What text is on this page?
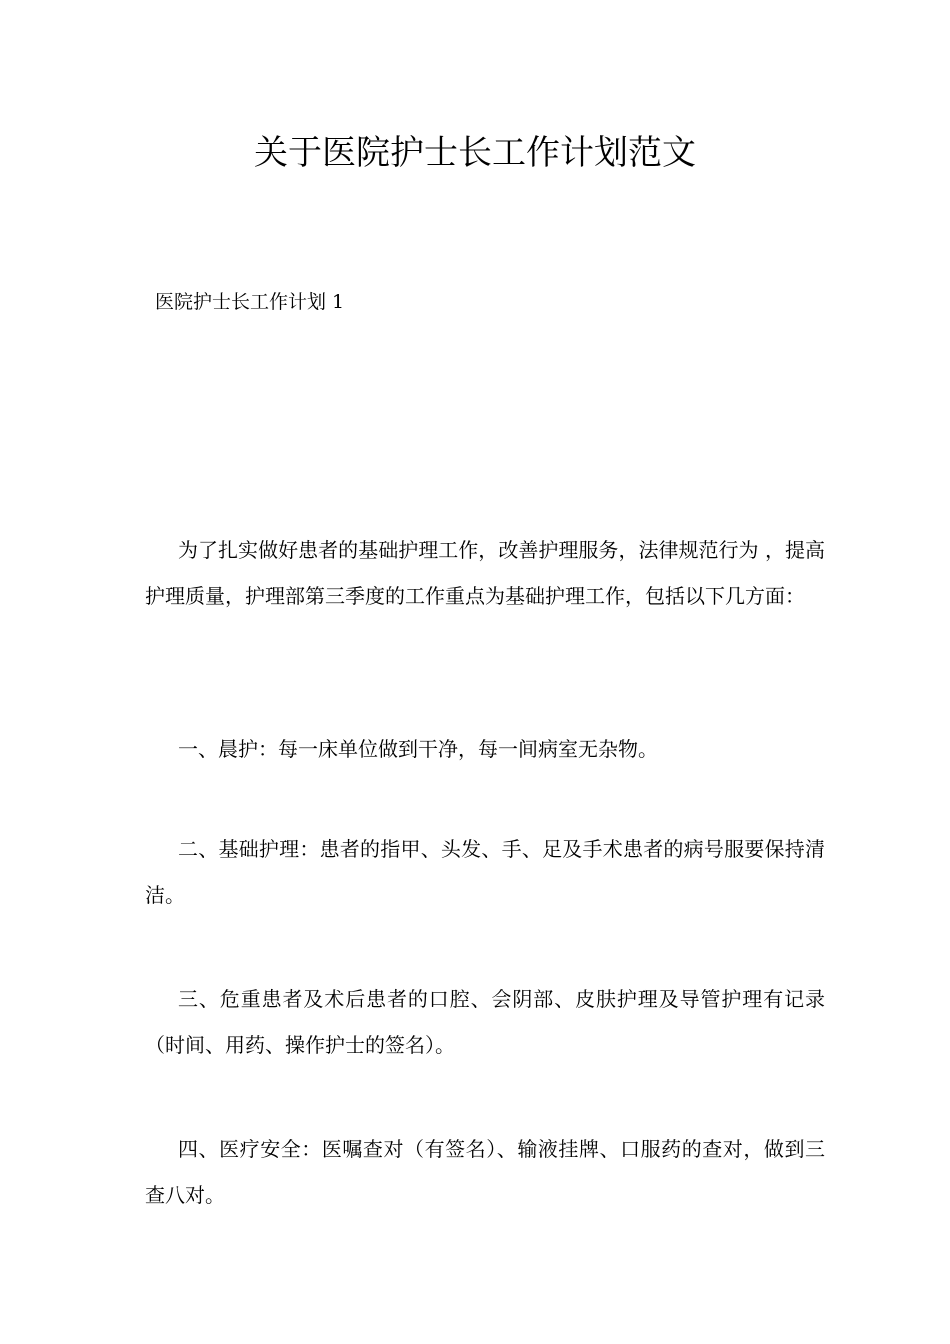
关于医院护士长工作计划范文

医院护士长工作计划 1

为了扎实做好患者的基础护理工作，改善护理服务，法律规范行为 ，提高护理质量，护理部第三季度的工作重点为基础护理工作，包括以下几方面：

一、晨护：每一床单位做到干净，每一间病室无杂物。

二、基础护理：患者的指甲、头发、手、足及手术患者的病号服要保持清洁。

三、危重患者及术后患者的口腔、会阴部、皮肤护理及导管护理有记录（时间、用药、操作护士的签名）。

四、医疗安全：医嘱查对（有签名）、输液挂牌、口服药的查对，做到三查八对。
